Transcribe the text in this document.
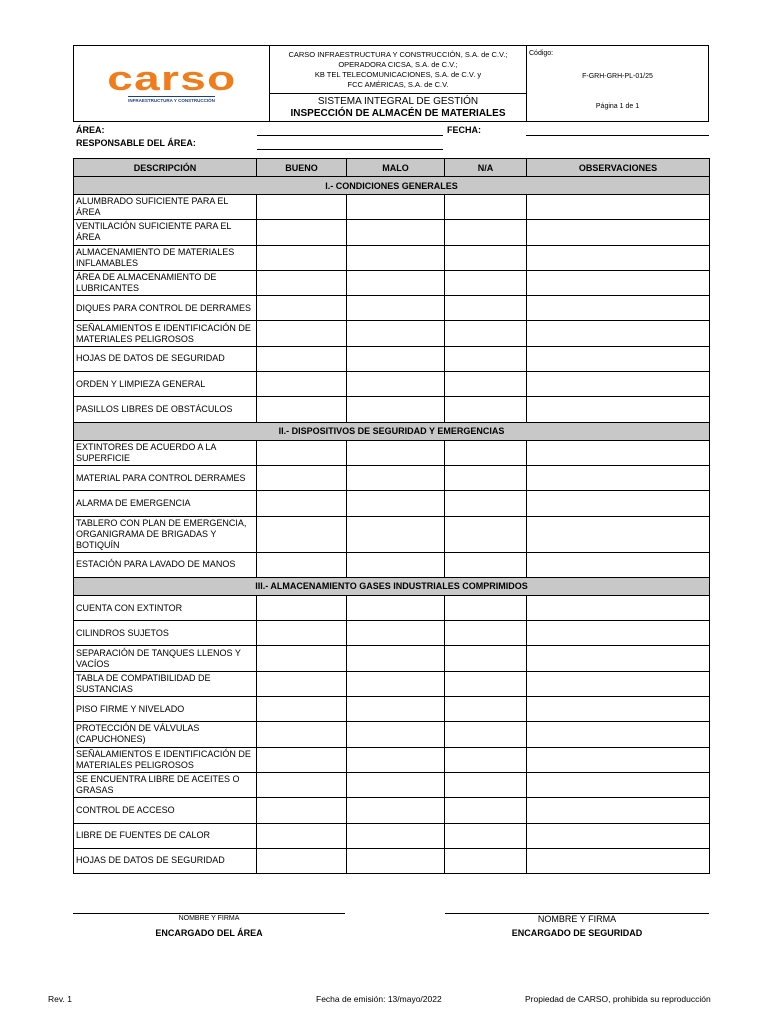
carso
INFRAESTRUCTURA Y CONSTRUCCIÓN
CARSO INFRAESTRUCTURA Y CONSTRUCCIÓN, S.A. de C.V.;
OPERADORA CICSA, S.A. de C.V.;
KB TEL TELECOMUNICACIONES, S.A. de C.V. y
FCC AMÉRICAS, S.A. de C.V.
SISTEMA INTEGRAL DE GESTIÓN
INSPECCIÓN DE ALMACÉN DE MATERIALES
Código:
F-GRH-GRH-PL-01/25
Página 1 de 1
ÁREA:	FECHA:
RESPONSABLE DEL ÁREA:
DESCRIPCIÓN	BUENO	MALO	N/A	OBSERVACIONES
I.- CONDICIONES GENERALES				
ALUMBRADO SUFICIENTE PARA EL ÁREA				
VENTILACIÓN SUFICIENTE PARA EL ÁREA				
ALMACENAMIENTO DE MATERIALES INFLAMABLES				
ÁREA DE ALMACENAMIENTO DE LUBRICANTES				
DIQUES PARA CONTROL DE DERRAMES				
SEÑALAMIENTOS E IDENTIFICACIÓN DE MATERIALES PELIGROSOS				
HOJAS DE DATOS DE SEGURIDAD				
ORDEN Y LIMPIEZA GENERAL				
PASILLOS LIBRES DE OBSTÁCULOS				
II.- DISPOSITIVOS DE SEGURIDAD Y EMERGENCIAS				
EXTINTORES DE ACUERDO A LA SUPERFICIE				
MATERIAL PARA CONTROL DERRAMES				
ALARMA DE EMERGENCIA				
TABLERO CON PLAN DE EMERGENCIA, ORGANIGRAMA DE BRIGADAS Y BOTIQUÍN				
ESTACIÓN PARA LAVADO DE MANOS				
III.- ALMACENAMIENTO GASES INDUSTRIALES COMPRIMIDOS				
CUENTA CON EXTINTOR				
CILINDROS SUJETOS				
SEPARACIÓN DE TANQUES LLENOS Y VACÍOS				
TABLA DE COMPATIBILIDAD DE SUSTANCIAS				
PISO FIRME Y NIVELADO				
PROTECCIÓN DE VÁLVULAS (CAPUCHONES)				
SEÑALAMIENTOS E IDENTIFICACIÓN DE MATERIALES PELIGROSOS				
SE ENCUENTRA LIBRE DE ACEITES O GRASAS				
CONTROL DE ACCESO				
LIBRE DE FUENTES DE CALOR				
HOJAS DE DATOS DE SEGURIDAD				
NOMBRE Y FIRMA
ENCARGADO DEL ÁREA
NOMBRE Y FIRMA
ENCARGADO DE SEGURIDAD
Rev. 1	Fecha de emisión: 13/mayo/2022	Propiedad de CARSO, prohibida su reproducción
